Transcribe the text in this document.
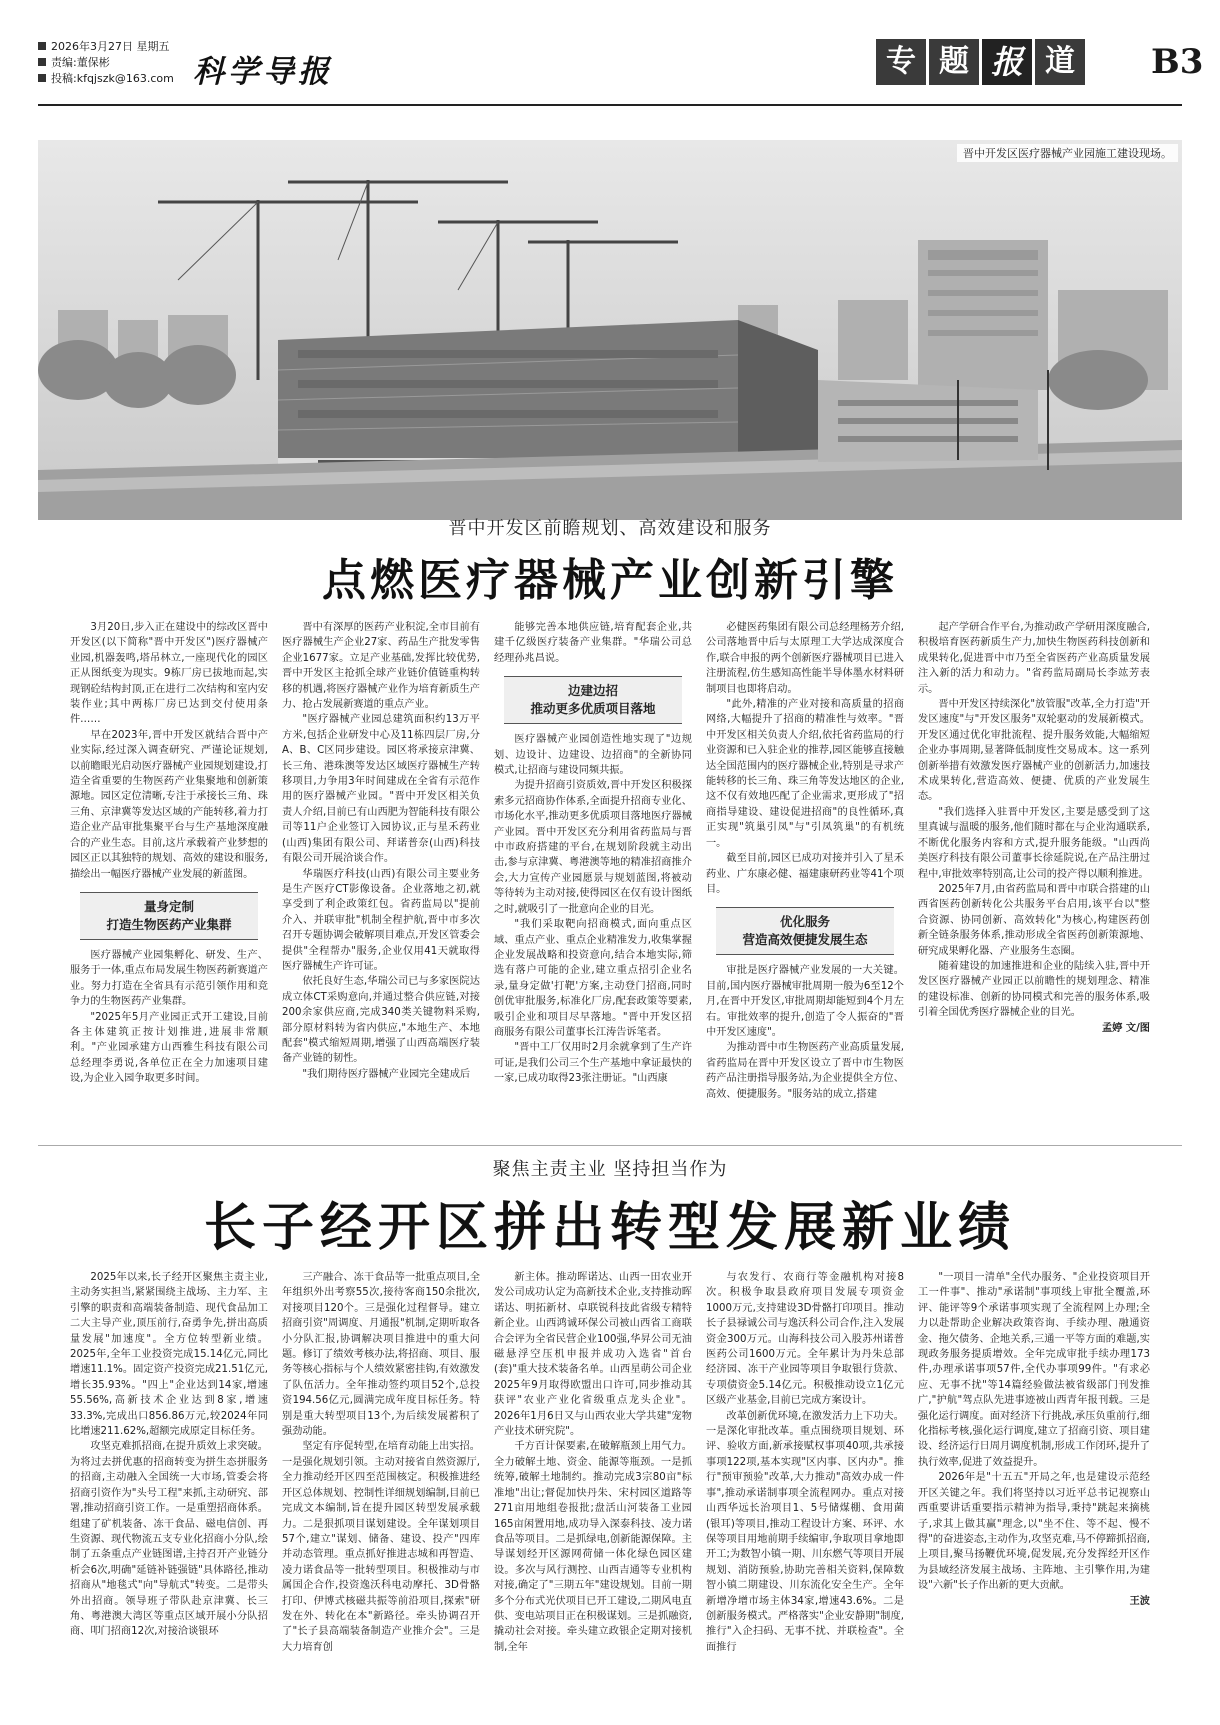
2026年3月27日 星期五
责编:董保彬
投稿:kfqjszk@163.com 科学导报	专 题 报 道 B3
晋中开发区医疗器械产业园施工建设现场。
晋中开发区前瞻规划、高效建设和服务
点燃医疗器械产业创新引擎

3月20日,步入正在建设中的综改区晋中开发区(以下简称"晋中开发区")医疗器械产业园,机器轰鸣,塔吊林立,一座现代化的园区正从图纸变为现实。9栋厂房已拔地而起,实现钢砼结构封顶,正在进行二次结构和室内安装作业;其中两栋厂房已达到交付使用条件……

早在2023年,晋中开发区就结合晋中产业实际,经过深入调查研究、严谨论证规划,以前瞻眼光启动医疗器械产业园规划建设,打造全省重要的生物医药产业集聚地和创新策源地。园区定位清晰,专注于承接长三角、珠三角、京津冀等发达区域的产能转移,着力打造企业产品审批集聚平台与生产基地深度融合的产业生态。目前,这片承载着产业梦想的园区正以其独特的规划、高效的建设和服务,描绘出一幅医疗器械产业发展的新蓝图。

量身定制
打造生物医药产业集群

医疗器械产业园集孵化、研发、生产、服务于一体,重点布局发展生物医药新赛道产业。努力打造在全省具有示范引领作用和竞争力的生物医药产业集群。

"2025年5月产业园正式开工建设,目前各主体建筑正按计划推进,进展非常顺利。"产业园承建方山西雅生科技有限公司总经理李勇说,各单位正在全力加速项目建设,为企业入园争取更多时间。

晋中有深厚的医药产业积淀,全市目前有医疗器械生产企业27家、药品生产批发零售企业1677家。立足产业基础,发挥比较优势,晋中开发区主抢抓全球产业链价值链重构转移的机遇,将医疗器械产业作为培育新质生产力、抢占发展新赛道的重点产业。

"医疗器械产业园总建筑面积约13万平方米,包括企业研发中心及11栋四层厂房,分A、B、C区同步建设。园区将承接京津冀、长三角、港珠澳等发达区域医疗器械生产转移项目,力争用3年时间建成在全省有示范作用的医疗器械产业园。"晋中开发区相关负责人介绍,目前已有山西肥为智能科技有限公司等11户企业签订入园协议,正与星禾药业(山西)集团有限公司、拜诺普奈(山西)科技有限公司开展洽谈合作。

华瑞医疗科技(山西)有限公司主要业务是生产医疗CT影像设备。企业落地之初,就享受到了利企政策红包。省药监局以"提前介入、并联审批"机制全程护航,晋中市多次召开专题协调会破解项目难点,开发区管委会提供"全程帮办"服务,企业仅用41天就取得医疗器械生产许可证。

依托良好生态,华瑞公司已与多家医院达成立体CT采购意向,并通过整合供应链,对接200余家供应商,完成340类关键物料采购,部分原材料转为省内供应,"本地生产、本地配套"模式缩短周期,增强了山西高端医疗装备产业链的韧性。

"我们期待医疗器械产业园完全建成后

能够完善本地供应链,培育配套企业,共建千亿级医疗装备产业集群。"华瑞公司总经理孙兆昌说。

边建边招
推动更多优质项目落地

医疗器械产业园创造性地实现了"边规划、边设计、边建设、边招商"的全新协同模式,让招商与建设同频共振。

为提升招商引资质效,晋中开发区积极探索多元招商协作体系,全面提升招商专业化、市场化水平,推动更多优质项目落地医疗器械产业园。晋中开发区充分利用省药监局与晋中市政府搭建的平台,在规划阶段就主动出击,参与京津冀、粤港澳等地的精准招商推介会,大力宣传产业园愿景与规划蓝图,将被动等待转为主动对接,使得园区在仅有设计图纸之时,就吸引了一批意向企业的目光。

"我们采取靶向招商模式,面向重点区域、重点产业、重点企业精准发力,收集掌握企业发展战略和投资意向,结合本地实际,筛选有落户可能的企业,建立重点招引企业名录,量身定做'打靶'方案,主动登门招商,同时创优审批服务,标准化厂房,配套政策等要素,吸引企业和项目尽早落地。"晋中开发区招商服务有限公司董事长江涛告诉笔者。

"晋中工厂仅用时2月余就拿到了生产许可证,是我们公司三个生产基地中拿证最快的一家,已成功取得23张注册证。"山西康

必健医药集团有限公司总经理杨芳介绍,公司落地晋中后与太原理工大学达成深度合作,联合申报的两个创新医疗器械项目已进入注册流程,仿生感知高性能半导体墨水材料研制项目也即将启动。

"此外,精准的产业对接和高质量的招商网络,大幅提升了招商的精准性与效率。"晋中开发区相关负责人介绍,依托省药监局的行业资源和已入驻企业的推荐,园区能够直接触达全国范围内的医疗器械企业,特别是寻求产能转移的长三角、珠三角等发达地区的企业,这不仅有效地匹配了企业需求,更形成了"招商指导建设、建设促进招商"的良性循环,真正实现"筑巢引凤"与"引凤筑巢"的有机统一。

截至目前,园区已成功对接并引入了星禾药业、广东康必健、福建康研药业等41个项目。

优化服务
营造高效便捷发展生态

审批是医疗器械产业发展的一大关键。目前,国内医疗器械审批周期一般为6至12个月,在晋中开发区,审批周期却能短到4个月左右。审批效率的提升,创造了令人振奋的"晋中开发区速度"。

为推动晋中市生物医药产业高质量发展,省药监局在晋中开发区设立了晋中市生物医药产品注册指导服务站,为企业提供全方位、高效、便捷服务。"服务站的成立,搭建

起产学研合作平台,为推动政产学研用深度融合,积极培育医药新质生产力,加快生物医药科技创新和成果转化,促进晋中市乃至全省医药产业高质量发展注入新的活力和动力。"省药监局副局长李竑芳表示。

晋中开发区持续深化"放管服"改革,全力打造"开发区速度"与"开发区服务"双轮驱动的发展新模式。开发区通过优化审批流程、提升服务效能,大幅缩短企业办事周期,显著降低制度性交易成本。这一系列创新举措有效激发医疗器械产业的创新活力,加速技术成果转化,营造高效、便捷、优质的产业发展生态。

"我们选择入驻晋中开发区,主要是感受到了这里真诚与温暖的服务,他们随时都在与企业沟通联系,不断优化服务内容和方式,提升服务能级。"山西尚美医疗科技有限公司董事长徐延院说,在产品注册过程中,审批效率特别高,让公司的投产得以顺利推进。

2025年7月,由省药监局和晋中市联合搭建的山西省医药创新转化公共服务平台启用,该平台以"整合资源、协同创新、高效转化"为核心,构建医药创新全链条服务体系,推动形成全省医药创新策源地、研究成果孵化器、产业服务生态圈。

随着建设的加速推进和企业的陆续入驻,晋中开发区医疗器械产业园正以前瞻性的规划理念、精准的建设标准、创新的协同模式和完善的服务体系,吸引着全国优秀医疗器械企业的目光。

孟婷 文/图
聚焦主责主业 坚持担当作为
长子经开区拼出转型发展新业绩

2025年以来,长子经开区聚焦主责主业,主动务实担当,紧紧围绕主战场、主力军、主引擎的职责和高端装备制造、现代食品加工二大主导产业,顶压前行,奋勇争先,拼出高质量发展"加速度"。全方位转型新业绩。2025年,全年工业投资完成15.14亿元,同比增速11.1%。固定资产投资完成21.51亿元,增长35.93%。"四上"企业达到14家,增速55.56%,高新技术企业达到8家,增速33.3%,完成出口856.86万元,较2024年同比增速211.62%,超额完成原定目标任务。

攻坚克难抓招商,在提升质效上求突破。为将过去拼优惠的招商转变为拼生态拼服务的招商,主动融入全国统一大市场,管委会将招商引资作为"头号工程"来抓,主动研究、部署,推动招商引资工作。一是重塑招商体系。组建了矿机装备、冻干食品、磁电信创、再生资源、现代物流五支专业化招商小分队,绘制了五条重点产业链图谱,主持召开产业链分析会6次,明确"延链补链强链"具体路径,推动招商从"地毯式"向"导航式"转变。二是带头外出招商。领导班子带队赴京津冀、长三角、粤港澳大湾区等重点区域开展小分队招商、叩门招商12次,对接洽谈银环

三产融合、冻干食品等一批重点项目,全年组织外出考察55次,接待客商150余批次,对接项目120个。三是强化过程督导。建立招商引资"周调度、月通报"机制,定期听取各小分队汇报,协调解决项目推进中的重大问题。修订了绩效考核办法,将招商、项目、服务等核心指标与个人绩效紧密挂钩,有效激发了队伍活力。全年推动签约项目52个,总投资194.56亿元,圆满完成年度目标任务。特别是重大转型项目13个,为后续发展蓄积了强劲动能。

坚定有序促转型,在培育动能上出实招。一是强化规划引领。主动对接省自然资源厅,全力推动经开区四至范围核定。积极推进经开区总体规划、控制性详细规划编制,目前已完成文本编制,旨在提升园区转型发展承载力。二是狠抓项目谋划建设。全年谋划项目57个,建立"谋划、储备、建设、投产"四库并动态管理。重点抓好推进志城和再智造、凌力诺食品等一批转型项目。积极推动与市属国企合作,投资逸沃科电动摩托、3D骨骼打印、伊博式核磁共振等前沿项目,探索"研发在外、转化在本"新路径。牵头协调召开了"长子县高端装备制造产业推介会"。三是大力培育创

新主体。推动晖诺达、山西一田农业开发公司成功认定为高新技术企业,支持推动晖诺达、明拓新材、卓联锐科技此省级专精特新企业。山西鸿诚环保公司被山西省工商联合会评为全省民营企业100强,华昇公司无油磁悬浮空压机申报并成功入选省"首台(套)"重大技术装备名单。山西星萌公司企业2025年9月取得欧盟出口许可,同步推动其获评"农业产业化省级重点龙头企业"。2026年1月6日又与山西农业大学共建"宠物产业技术研究院"。

千方百计保要素,在破解瓶颈上用气力。全力破解土地、资金、能源等瓶颈。一是抓统筹,破解土地制约。推动完成3宗80亩"标准地"出让;督促加快丹朱、宋村园区道路等271亩用地组卷报批;盘活山河装备工业园165亩闲置用地,成功导入深泰科技、凌力诺食品等项目。二是抓绿电,创新能源保障。主导谋划经开区源网荷储一体化绿色园区建设。多次与风行测控、山西吉通等专业机构对接,确定了"三期五年"建设规划。目前一期多个分布式光伏项目已开工建设,二期风电直供、变电站项目正在积极谋划。三是抓融资,撬动社会对接。牵头建立政银企定期对接机制,全年

与农发行、农商行等金融机构对接8次。积极争取县政府项目发展专项资金1000万元,支持建设3D骨骼打印项目。推动长子县禄诚公司与逸沃科公司合作,注入发展资金300万元。山海科技公司入股苏州诺普医药公司1600万元。全年累计为丹朱总部经济园、冻干产业园等项目争取银行贷款、专项债资金5.14亿元。积极推动设立1亿元区级产业基金,目前已完成方案设计。

改革创新优环境,在激发活力上下功夫。一是深化审批改革。重点围绕项目规划、环评、验收方面,新承接赋权事项40项,共承接事项122项,基本实现"区内事、区内办"。推行"预审预验"改革,大力推动"高效办成一件事",推动承诺制事项全流程网办。重点对接山西华远长治项目1、5号储煤棚、食用菌(银耳)等项目,推动工程设计方案、环评、水保等项目用地前期手续编审,争取项目拿地即开工;为数智小镇一期、川东燃气等项目开展规划、消防预验,协助完善相关资料,保障数智小镇二期建设、川东流化安全生产。全年新增净增市场主体34家,增速43.6%。二是创新服务模式。严格落实"企业安静期"制度,推行"入企扫码、无事不扰、并联检查"。全面推行

"一项目一清单"全代办服务、"企业投资项目开工一件事"、推动"承诺制"事项线上审批全覆盖,环评、能评等9个承诺事项实现了全流程网上办理;全力以赴帮助企业解决政策咨询、手续办理、融通资金、拖欠债务、企地关系,三通一平等方面的难题,实现政务服务提质增效。全年完成审批手续办理173件,办理承诺事项57件,全代办事项99件。"有求必应、无事不扰"等14篇经验做法被省级部门刊发推广,"护航"驾点队先进事迹被山西青年报刊载。三是强化运行调度。面对经济下行挑战,承压负重前行,细化指标考核,强化运行调度,建立了招商引资、项目建设、经济运行日周月调度机制,形成工作闭环,提升了执行效率,促进了效益提升。

2026年是"十五五"开局之年,也是建设示范经开区关键之年。我们将坚持以习近平总书记视察山西重要讲话重要指示精神为指导,秉持"跳起来摘桃子,求其上做其赢"理念,以"坐不住、等不起、慢不得"的奋进姿态,主动作为,攻坚克难,马不停蹄抓招商,上项目,聚马扬鞭优环境,促发展,充分发挥经开区作为县域经济发展主战场、主阵地、主引擎作用,为建设"六新"长子作出新的更大贡献。

王波
